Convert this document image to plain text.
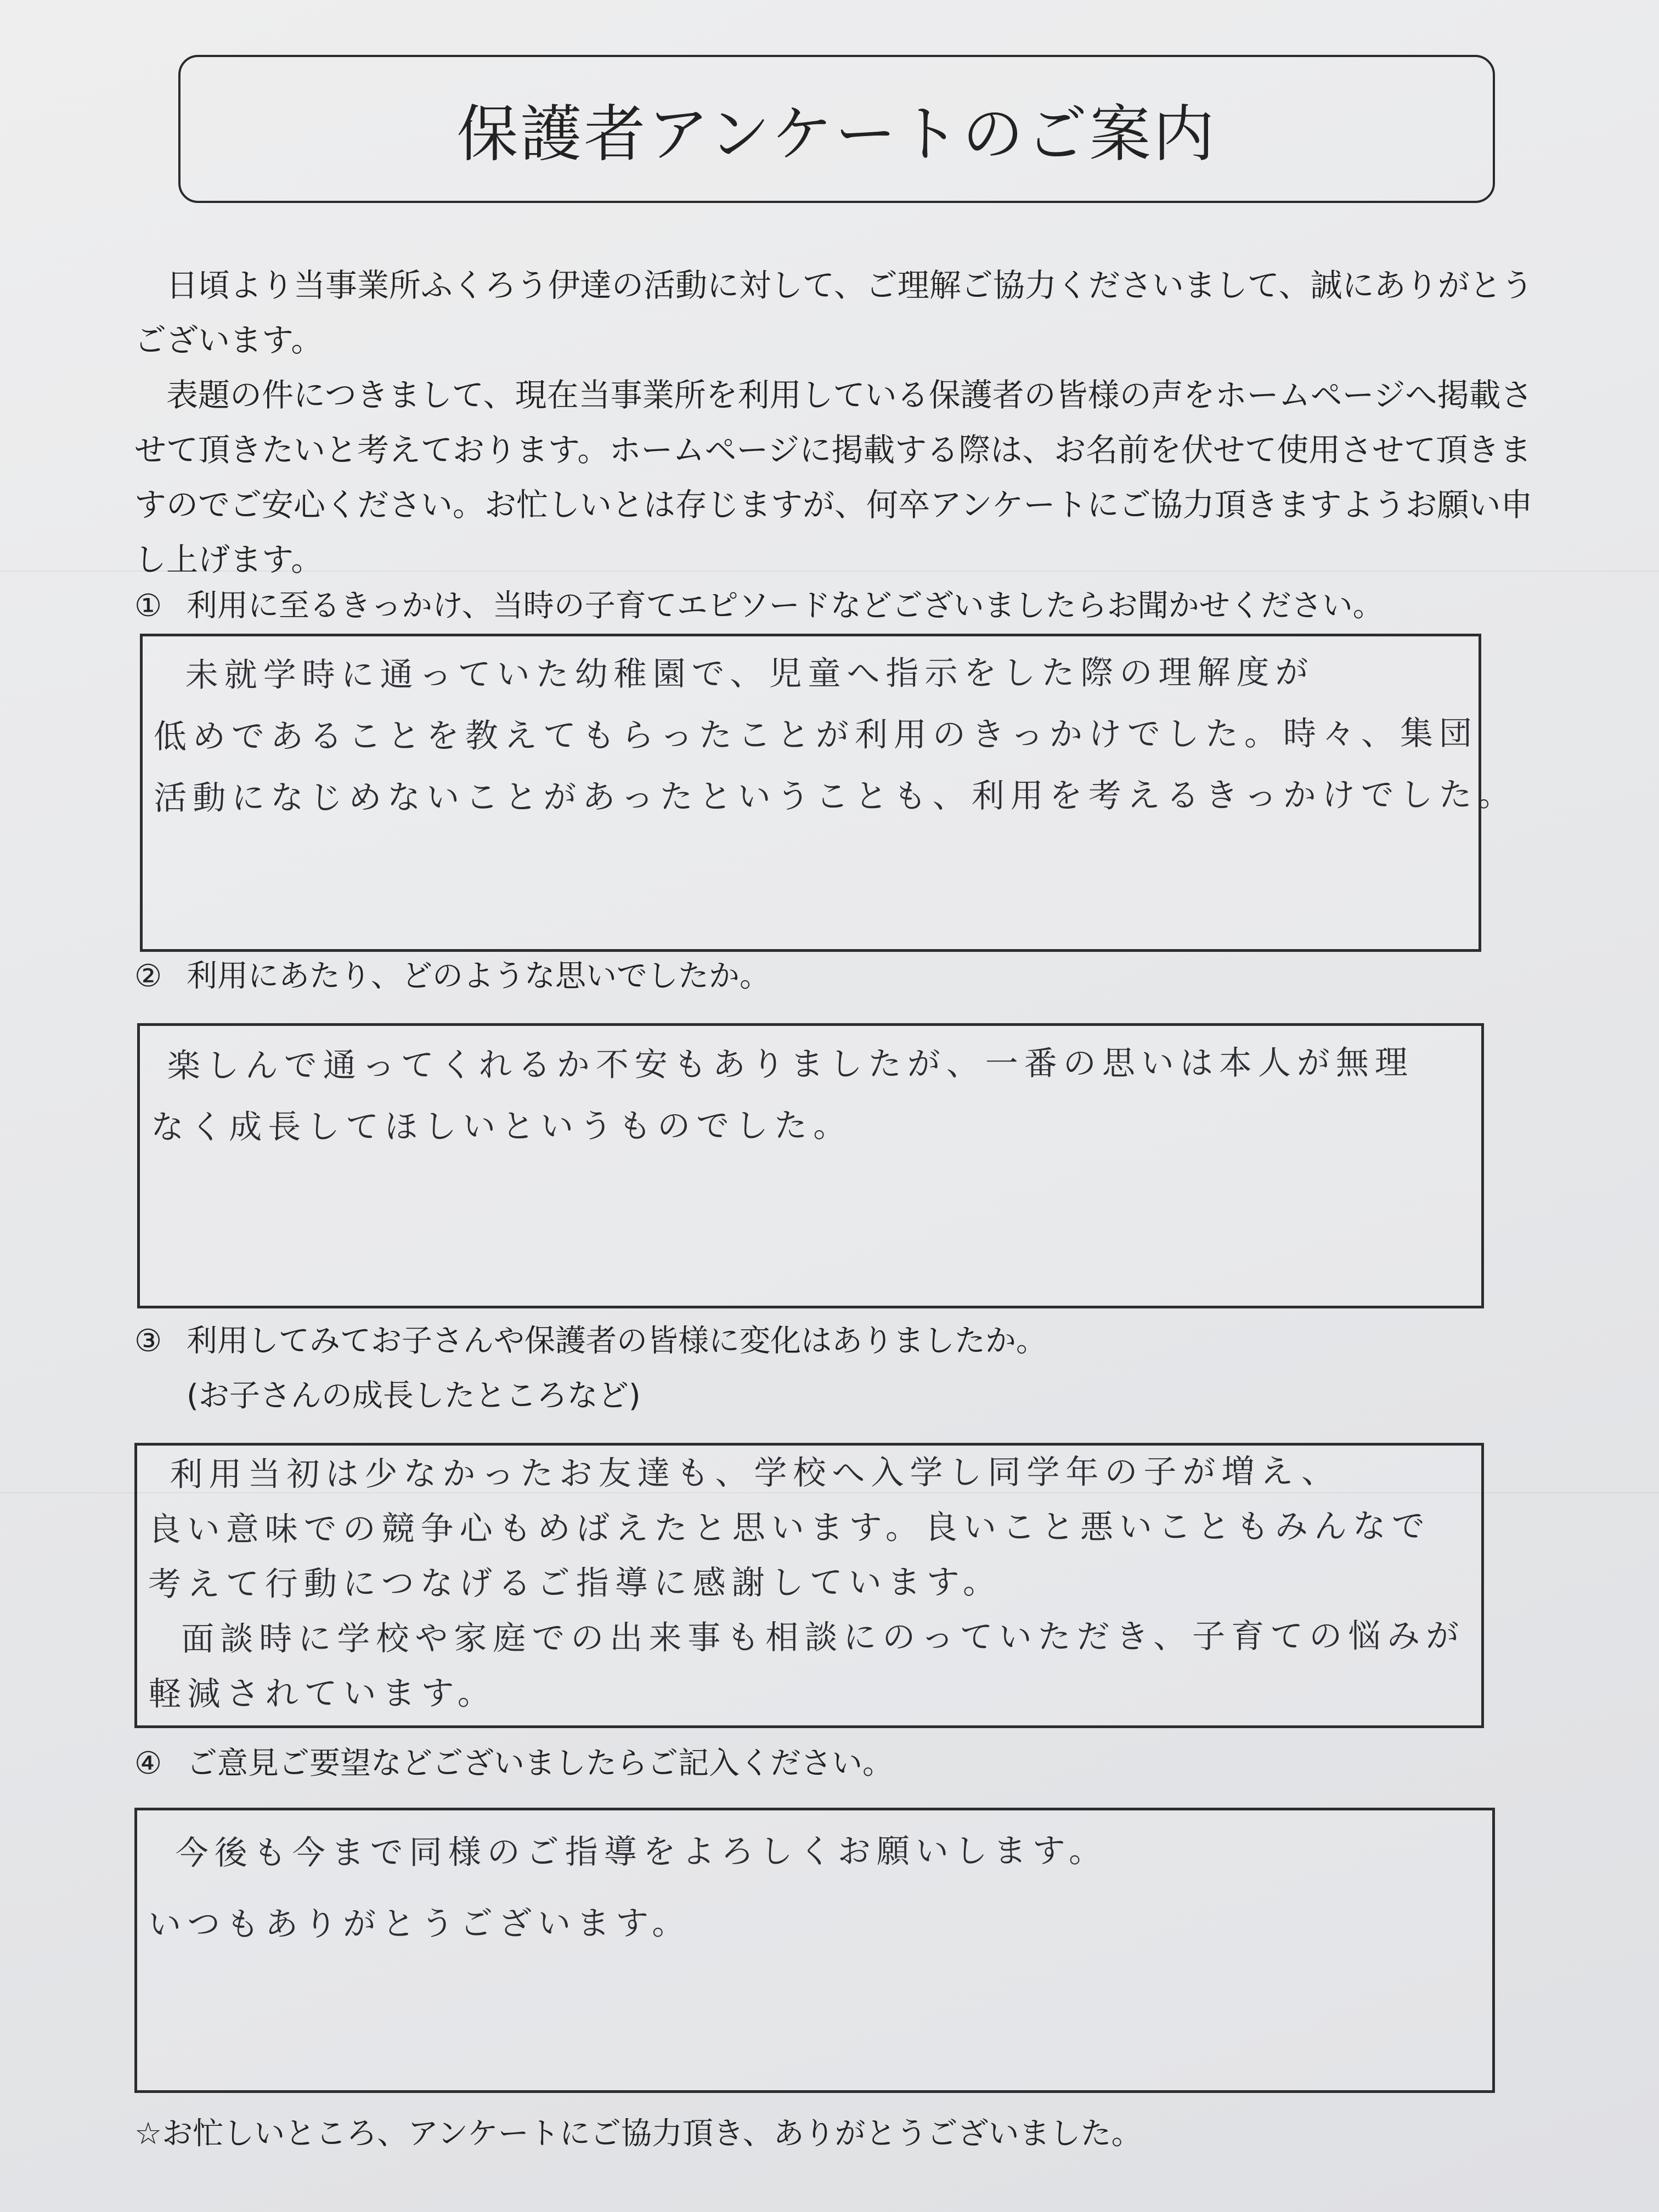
保護者アンケートのご案内

日頃より当事業所ふくろう伊達の活動に対して、ご理解ご協力くださいまして、誠にありがとうございます。

表題の件につきまして、現在当事業所を利用している保護者の皆様の声をホームページへ掲載させて頂きたいと考えております。ホームページに掲載する際は、お名前を伏せて使用させて頂きますのでご安心ください。お忙しいとは存じますが、何卒アンケートにご協力頂きますようお願い申し上げます。

① 利用に至るきっかけ、当時の子育てエピソードなどございましたらお聞かせください。
未就学時に通っていた幼稚園で、児童へ指示をした際の理解度が
低めであることを教えてもらったことが利用のきっかけでした。時々、集団
活動になじめないことがあったということも、利用を考えるきっかけでした。
② 利用にあたり、どのような思いでしたか。
楽しんで通ってくれるか不安もありましたが、一番の思いは本人が無理
なく成長してほしいというものでした。
③ 利用してみてお子さんや保護者の皆様に変化はありましたか。
(お子さんの成長したところなど)
利用当初は少なかったお友達も、学校へ入学し同学年の子が増え、
良い意味での競争心もめばえたと思います。良いこと悪いこともみんなで
考えて行動につなげるご指導に感謝しています。
面談時に学校や家庭での出来事も相談にのっていただき、子育ての悩みが
軽減されています。
④ ご意見ご要望などございましたらご記入ください。
今後も今まで同様のご指導をよろしくお願いします。
いつもありがとうございます。
☆お忙しいところ、アンケートにご協力頂き、ありがとうございました。
